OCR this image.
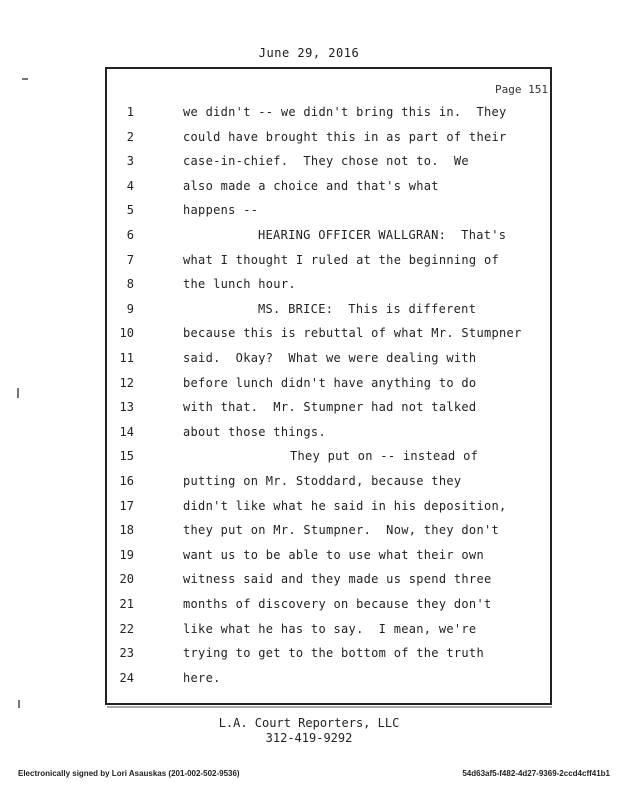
June 29, 2016
Page 151
1	we didn't -- we didn't bring this in.  They
2	could have brought this in as part of their
3	case-in-chief.  They chose not to.  We
4	also made a choice and that's what
5	happens --
6	HEARING OFFICER WALLGRAN:  That's
7	what I thought I ruled at the beginning of
8	the lunch hour.
9	MS. BRICE:  This is different
10	because this is rebuttal of what Mr. Stumpner
11	said.  Okay?  What we were dealing with
12	before lunch didn't have anything to do
13	with that.  Mr. Stumpner had not talked
14	about those things.
15	They put on -- instead of
16	putting on Mr. Stoddard, because they
17	didn't like what he said in his deposition,
18	they put on Mr. Stumpner.  Now, they don't
19	want us to be able to use what their own
20	witness said and they made us spend three
21	months of discovery on because they don't
22	like what he has to say.  I mean, we're
23	trying to get to the bottom of the truth
24	here.
L.A. Court Reporters, LLC
312-419-9292
Electronically signed by Lori Asauskas (201-002-502-9536)	54d63af5-f482-4d27-9369-2ccd4cff41b1
